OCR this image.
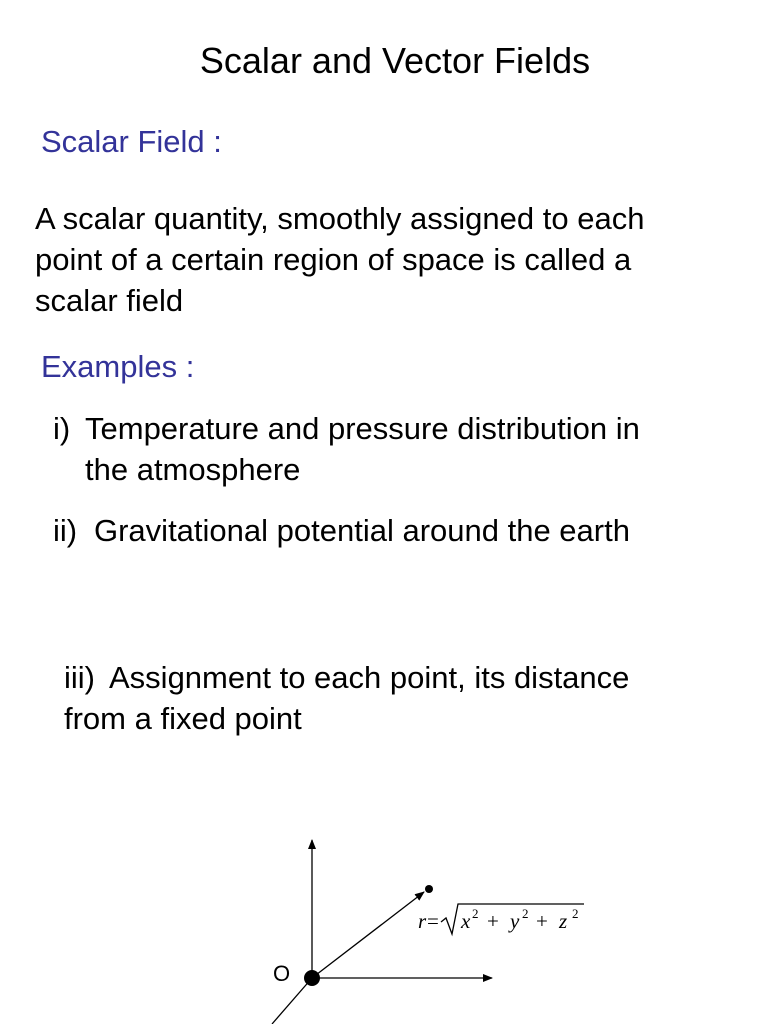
Scalar and Vector Fields
Scalar Field :
A scalar quantity, smoothly assigned to each
point of a certain region of space is called a
scalar field
Examples :
i) Temperature and pressure distribution in
the atmosphere
ii) Gravitational potential around the earth
iii) Assignment to each point, its distance
from a fixed point
r = x 2 + y 2 + z 2
O
